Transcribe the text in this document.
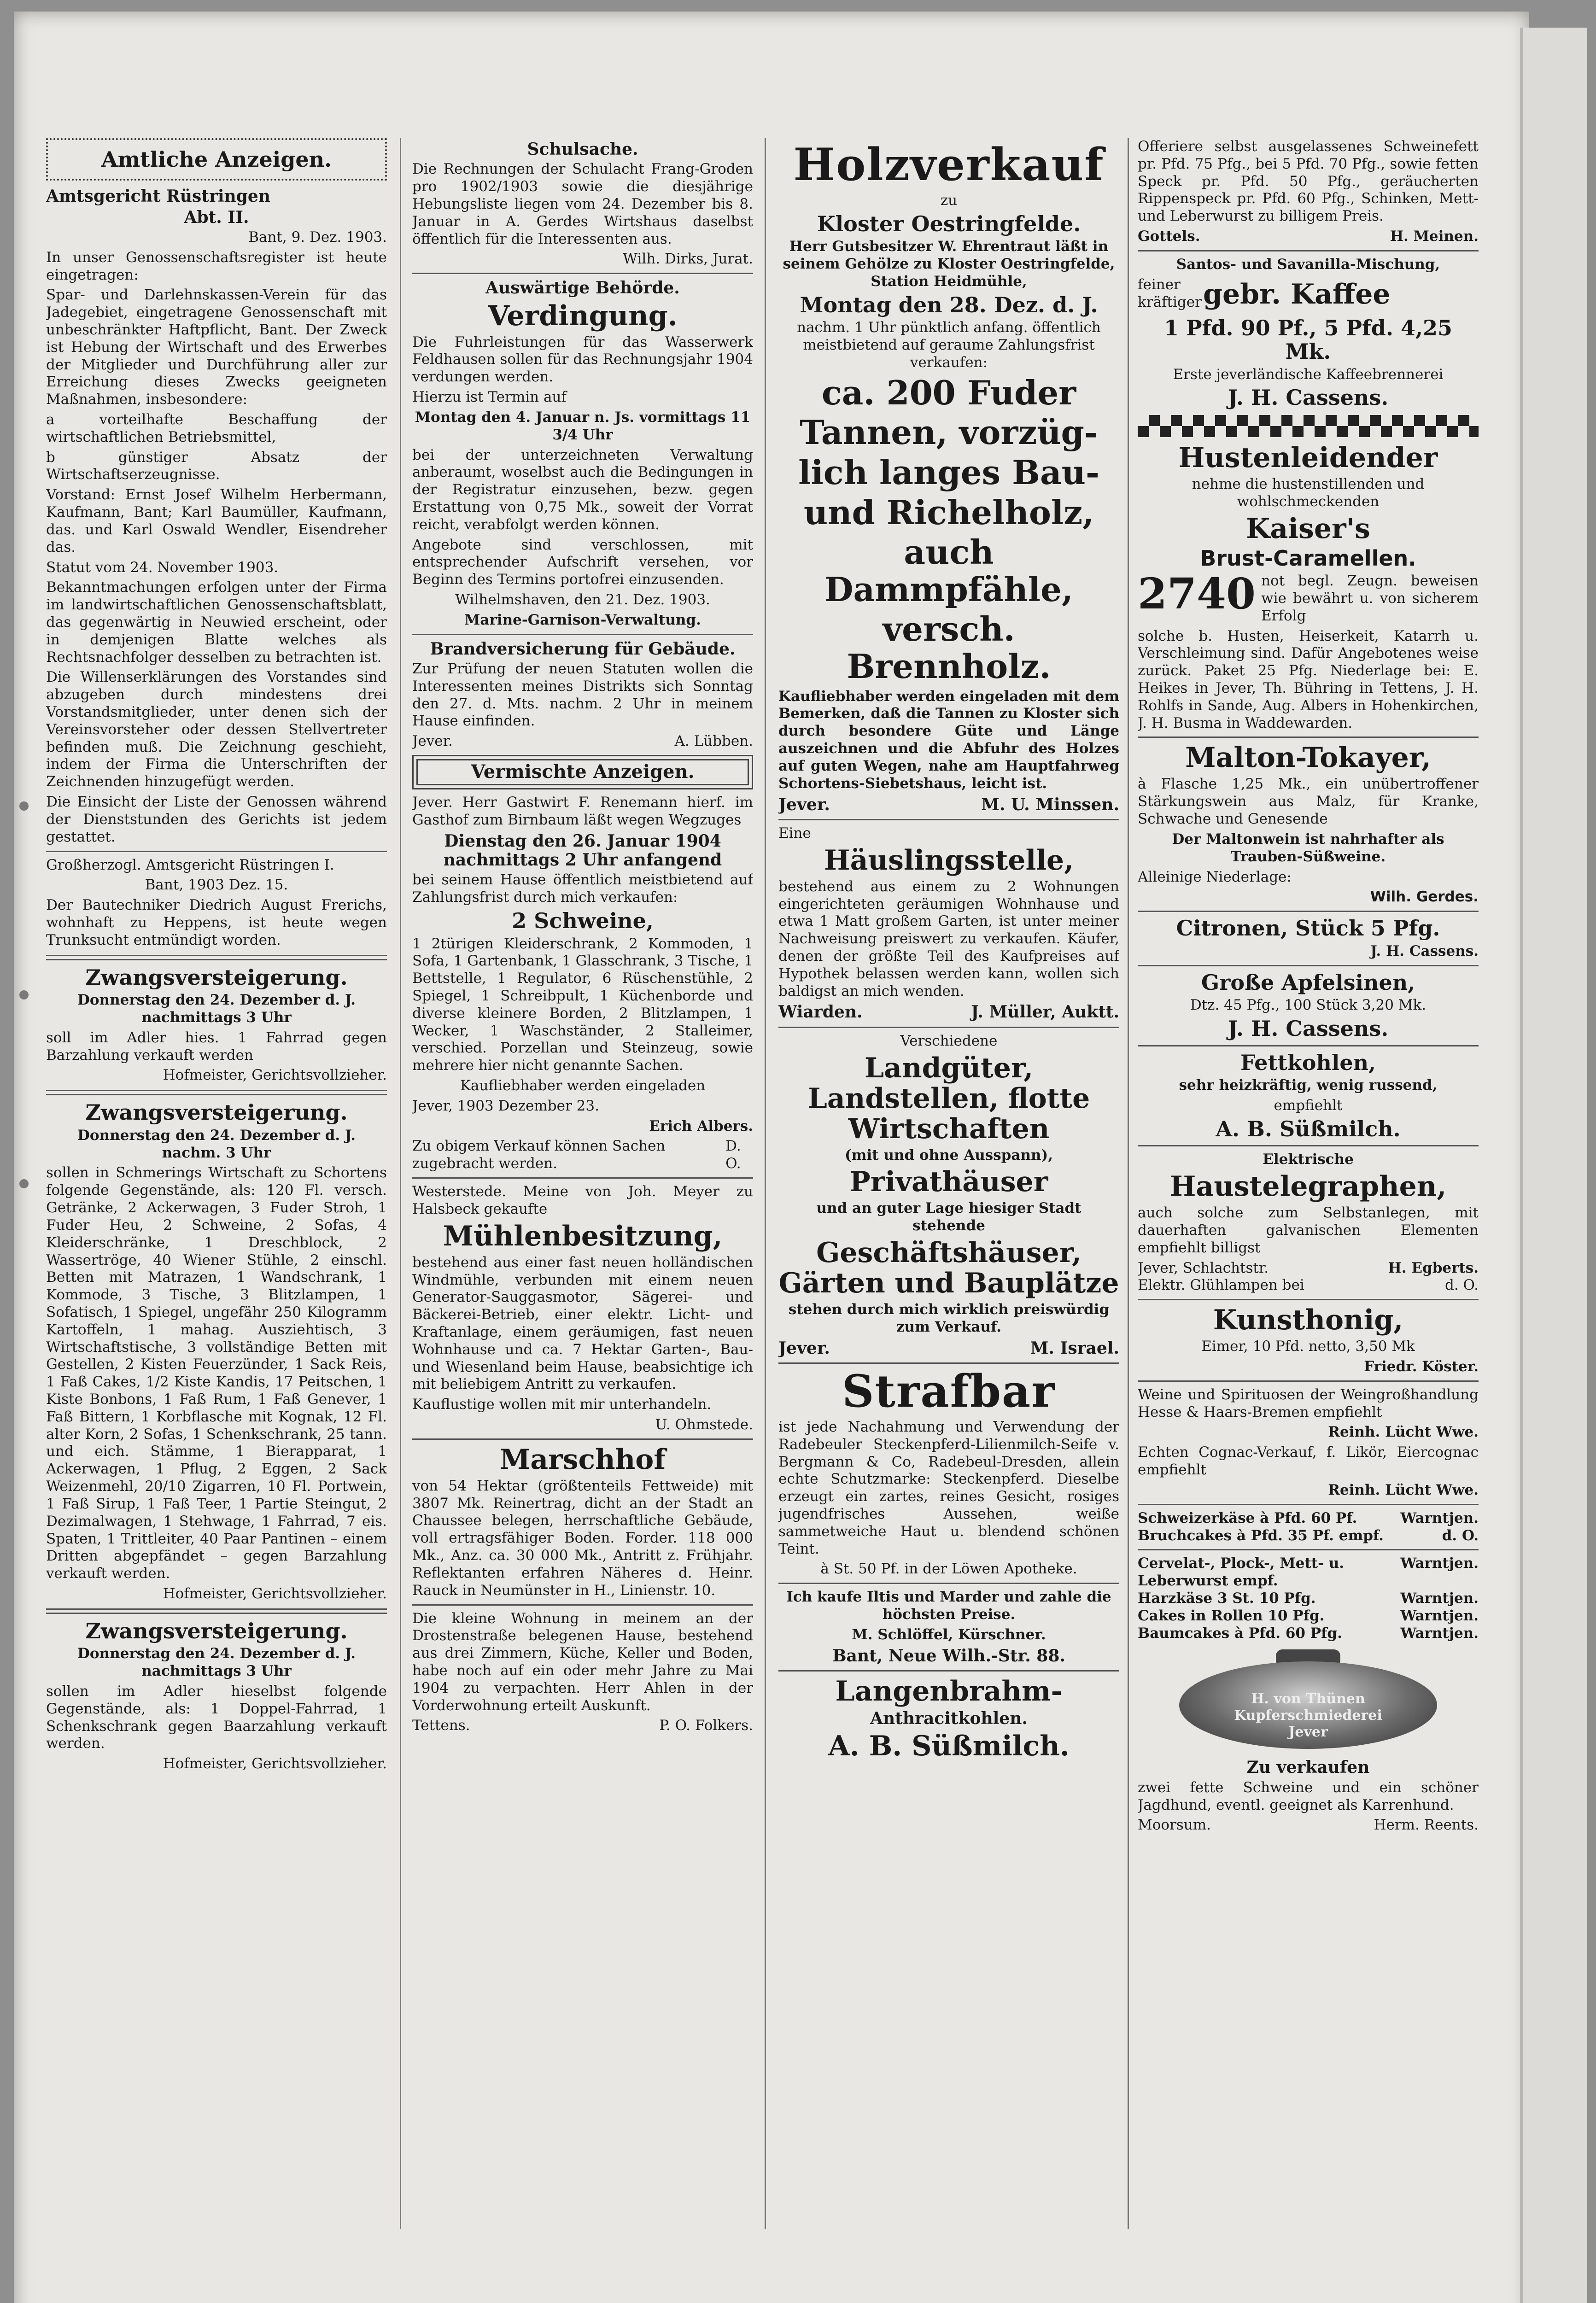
Amtliche Anzeigen.
Amtsgericht Rüstringen
Abt. II.
Bant, 9. Dez. 1903.

In unser Genossenschaftsregister ist heute eingetragen:

Spar- und Darlehnskassen-Verein für das Jadegebiet, eingetragene Genossenschaft mit unbeschränkter Haftpflicht, Bant. Der Zweck ist Hebung der Wirtschaft und des Erwerbes der Mitglieder und Durchführung aller zur Erreichung dieses Zwecks geeigneten Maßnahmen, insbesondere:

a vorteilhafte Beschaffung der wirtschaftlichen Betriebsmittel,

b günstiger Absatz der Wirtschaftserzeugnisse.

Vorstand: Ernst Josef Wilhelm Herbermann, Kaufmann, Bant; Karl Baumüller, Kaufmann, das. und Karl Oswald Wendler, Eisendreher das.

Statut vom 24. November 1903.

Bekanntmachungen erfolgen unter der Firma im landwirtschaftlichen Genossenschaftsblatt, das gegenwärtig in Neuwied erscheint, oder in demjenigen Blatte welches als Rechtsnachfolger desselben zu betrachten ist.

Die Willenserklärungen des Vorstandes sind abzugeben durch mindestens drei Vorstandsmitglieder, unter denen sich der Vereinsvorsteher oder dessen Stellvertreter befinden muß. Die Zeichnung geschieht, indem der Firma die Unterschriften der Zeichnenden hinzugefügt werden.

Die Einsicht der Liste der Genossen während der Dienststunden des Gerichts ist jedem gestattet.

Großherzogl. Amtsgericht Rüstringen I.
Bant, 1903 Dez. 15.

Der Bautechniker Diedrich August Frerichs, wohnhaft zu Heppens, ist heute wegen Trunksucht entmündigt worden.

Zwangsversteigerung.
Donnerstag den 24. Dezember d. J. nachmittags 3 Uhr

soll im Adler hies. 1 Fahrrad gegen Barzahlung verkauft werden

Hofmeister, Gerichtsvollzieher.
Zwangsversteigerung.
Donnerstag den 24. Dezember d. J. nachm. 3 Uhr

sollen in Schmerings Wirtschaft zu Schortens folgende Gegenstände, als: 120 Fl. versch. Getränke, 2 Ackerwagen, 3 Fuder Stroh, 1 Fuder Heu, 2 Schweine, 2 Sofas, 4 Kleiderschränke, 1 Dreschblock, 2 Wassertröge, 40 Wiener Stühle, 2 einschl. Betten mit Matrazen, 1 Wandschrank, 1 Kommode, 3 Tische, 3 Blitzlampen, 1 Sofatisch, 1 Spiegel, ungefähr 250 Kilogramm Kartoffeln, 1 mahag. Ausziehtisch, 3 Wirtschaftstische, 3 vollständige Betten mit Gestellen, 2 Kisten Feuerzünder, 1 Sack Reis, 1 Faß Cakes, 1/2 Kiste Kandis, 17 Peitschen, 1 Kiste Bonbons, 1 Faß Rum, 1 Faß Genever, 1 Faß Bittern, 1 Korbflasche mit Kognak, 12 Fl. alter Korn, 2 Sofas, 1 Schenkschrank, 25 tann. und eich. Stämme, 1 Bierapparat, 1 Ackerwagen, 1 Pflug, 2 Eggen, 2 Sack Weizenmehl, 20/10 Zigarren, 10 Fl. Portwein, 1 Faß Sirup, 1 Faß Teer, 1 Partie Steingut, 2 Dezimalwagen, 1 Stehwage, 1 Fahrrad, 7 eis. Spaten, 1 Trittleiter, 40 Paar Pantinen – einem Dritten abgepfändet – gegen Barzahlung verkauft werden.

Hofmeister, Gerichtsvollzieher.
Zwangsversteigerung.
Donnerstag den 24. Dezember d. J. nachmittags 3 Uhr

sollen im Adler hieselbst folgende Gegenstände, als: 1 Doppel-Fahrrad, 1 Schenkschrank gegen Baarzahlung verkauft werden.

Hofmeister, Gerichtsvollzieher.
Schulsache.

Die Rechnungen der Schulacht Frang-Groden pro 1902/1903 sowie die diesjährige Hebungsliste liegen vom 24. Dezember bis 8. Januar in A. Gerdes Wirtshaus daselbst öffentlich für die Interessenten aus.

Wilh. Dirks, Jurat.
Auswärtige Behörde.
Verdingung.

Die Fuhrleistungen für das Wasserwerk Feldhausen sollen für das Rechnungsjahr 1904 verdungen werden.

Hierzu ist Termin auf

Montag den 4. Januar n. Js. vormittags 11 3/4 Uhr

bei der unterzeichneten Verwaltung anberaumt, woselbst auch die Bedingungen in der Registratur einzusehen, bezw. gegen Erstattung von 0,75 Mk., soweit der Vorrat reicht, verabfolgt werden können.

Angebote sind verschlossen, mit entsprechender Aufschrift versehen, vor Beginn des Termins portofrei einzusenden.

Wilhelmshaven, den 21. Dez. 1903.
Marine-Garnison-Verwaltung.
Brandversicherung für Gebäude.

Zur Prüfung der neuen Statuten wollen die Interessenten meines Distrikts sich Sonntag den 27. d. Mts. nachm. 2 Uhr in meinem Hause einfinden.

Jever.	A. Lübben.
Vermischte Anzeigen.

Jever. Herr Gastwirt F. Renemann hierf. im Gasthof zum Birnbaum läßt wegen Wegzuges

Dienstag den 26. Januar 1904 nachmittags 2 Uhr anfangend

bei seinem Hause öffentlich meistbietend auf Zahlungsfrist durch mich verkaufen:

2 Schweine,

1 2türigen Kleiderschrank, 2 Kommoden, 1 Sofa, 1 Gartenbank, 1 Glasschrank, 3 Tische, 1 Bettstelle, 1 Regulator, 6 Rüschenstühle, 2 Spiegel, 1 Schreibpult, 1 Küchenborde und diverse kleinere Borden, 2 Blitzlampen, 1 Wecker, 1 Waschständer, 2 Stalleimer, verschied. Porzellan und Steinzeug, sowie mehrere hier nicht genannte Sachen.

Kaufliebhaber werden eingeladen
Jever, 1903 Dezember 23.
Erich Albers.
Zu obigem Verkauf können Sachen zugebracht werden.
D. O.

Westerstede. Meine von Joh. Meyer zu Halsbeck gekaufte

Mühlenbesitzung,

bestehend aus einer fast neuen holländischen Windmühle, verbunden mit einem neuen Generator-Sauggasmotor, Sägerei- und Bäckerei-Betrieb, einer elektr. Licht- und Kraftanlage, einem geräumigen, fast neuen Wohnhause und ca. 7 Hektar Garten-, Bau- und Wiesenland beim Hause, beabsichtige ich mit beliebigem Antritt zu verkaufen.

Kauflustige wollen mit mir unterhandeln.

U. Ohmstede.
Marschhof

von 54 Hektar (größtenteils Fettweide) mit 3807 Mk. Reinertrag, dicht an der Stadt an Chaussee belegen, herrschaftliche Gebäude, voll ertragsfähiger Boden. Forder. 118 000 Mk., Anz. ca. 30 000 Mk., Antritt z. Frühjahr. Reflektanten erfahren Näheres d. Heinr. Rauck in Neumünster in H., Linienstr. 10.

Die kleine Wohnung in meinem an der Drostenstraße belegenen Hause, bestehend aus drei Zimmern, Küche, Keller und Boden, habe noch auf ein oder mehr Jahre zu Mai 1904 zu verpachten. Herr Ahlen in der Vorderwohnung erteilt Auskunft.

Tettens.	P. O. Folkers.
Holzverkauf
zu
Kloster Oestringfelde.

Herr Gutsbesitzer W. Ehrentraut läßt in seinem Gehölze zu Kloster Oestringfelde, Station Heidmühle,

Montag den 28. Dez. d. J.

nachm. 1 Uhr pünktlich anfang. öffentlich meistbietend auf geraume Zahlungsfrist verkaufen:

ca. 200 Fuder
Tannen, vorzüg-
lich langes Bau-
und Richelholz,
auch Dammpfähle,
versch. Brennholz.

Kaufliebhaber werden eingeladen mit dem Bemerken, daß die Tannen zu Kloster sich durch besondere Güte und Länge auszeichnen und die Abfuhr des Holzes auf guten Wegen, nahe am Hauptfahrweg Schortens-Siebetshaus, leicht ist.

Jever.	M. U. Minssen.
Eine
Häuslingsstelle,

bestehend aus einem zu 2 Wohnungen eingerichteten geräumigen Wohnhause und etwa 1 Matt großem Garten, ist unter meiner Nachweisung preiswert zu verkaufen. Käufer, denen der größte Teil des Kaufpreises auf Hypothek belassen werden kann, wollen sich baldigst an mich wenden.

Wiarden.	J. Müller, Auktt.
Verschiedene
Landgüter, Landstellen, flotte Wirtschaften
(mit und ohne Ausspann),
Privathäuser
und an guter Lage hiesiger Stadt stehende
Geschäftshäuser, Gärten und Bauplätze
stehen durch mich wirklich preiswürdig zum Verkauf.
Jever.	M. Israel.
Strafbar

ist jede Nachahmung und Verwendung der Radebeuler Steckenpferd-Lilienmilch-Seife v. Bergmann & Co, Radebeul-Dresden, allein echte Schutzmarke: Steckenpferd. Dieselbe erzeugt ein zartes, reines Gesicht, rosiges jugendfrisches Aussehen, weiße sammetweiche Haut u. blendend schönen Teint.

à St. 50 Pf. in der Löwen Apotheke.
Ich kaufe Iltis und Marder und zahle die höchsten Preise.
M. Schlöffel, Kürschner.
Bant, Neue Wilh.-Str. 88.
Langenbrahm-
Anthracitkohlen.
A. B. Süßmilch.

Offeriere selbst ausgelassenes Schweinefett pr. Pfd. 75 Pfg., bei 5 Pfd. 70 Pfg., sowie fetten Speck pr. Pfd. 50 Pfg., geräucherten Rippenspeck pr. Pfd. 60 Pfg., Schinken, Mett- und Leberwurst zu billigem Preis.

Gottels.	H. Meinen.
Santos- und Savanilla-Mischung,
feiner kräftiger gebr. Kaffee
1 Pfd. 90 Pf., 5 Pfd. 4,25 Mk.
Erste jeverländische Kaffeebrennerei
J. H. Cassens.
Hustenleidender
nehme die hustenstillenden und wohlschmeckenden
Kaiser's
Brust-Caramellen.
2740 not begl. Zeugn. beweisen wie bewährt u. von sicherem Erfolg

solche b. Husten, Heiserkeit, Katarrh u. Verschleimung sind. Dafür Angebotenes weise zurück. Paket 25 Pfg. Niederlage bei: E. Heikes in Jever, Th. Bühring in Tettens, J. H. Rohlfs in Sande, Aug. Albers in Hohenkirchen, J. H. Busma in Waddewarden.

Malton-Tokayer,

à Flasche 1,25 Mk., ein unübertroffener Stärkungswein aus Malz, für Kranke, Schwache und Genesende

Der Maltonwein ist nahrhafter als Trauben-Süßweine.
Alleinige Niederlage:
Wilh. Gerdes.
Citronen, Stück 5 Pfg.
J. H. Cassens.
Große Apfelsinen,
Dtz. 45 Pfg., 100 Stück 3,20 Mk.
J. H. Cassens.
Fettkohlen,
sehr heizkräftig, wenig russend,
empfiehlt
A. B. Süßmilch.
Elektrische
Haustelegraphen,

auch solche zum Selbstanlegen, mit dauerhaften galvanischen Elementen empfiehlt billigst

Jever, Schlachtstr.	H. Egberts.
Elektr. Glühlampen bei	d. O.
Kunsthonig,
Eimer, 10 Pfd. netto, 3,50 Mk
Friedr. Köster.

Weine und Spirituosen der Weingroßhandlung Hesse & Haars-Bremen empfiehlt

Reinh. Lücht Wwe.

Echten Cognac-Verkauf, f. Likör, Eiercognac empfiehlt

Reinh. Lücht Wwe.
Schweizerkäse à Pfd. 60 Pf.	Warntjen.
Bruchcakes à Pfd. 35 Pf. empf.	d. O.
Cervelat-, Plock-, Mett- u. Leberwurst empf.
Warntjen.
Harzkäse 3 St. 10 Pfg.	Warntjen.
Cakes in Rollen 10 Pfg.	Warntjen.
Baumcakes à Pfd. 60 Pfg.	Warntjen.
H. von Thünen
Kupferschmiederei
Jever
Zu verkaufen

zwei fette Schweine und ein schöner Jagdhund, eventl. geeignet als Karrenhund.

Moorsum.	Herm. Reents.
